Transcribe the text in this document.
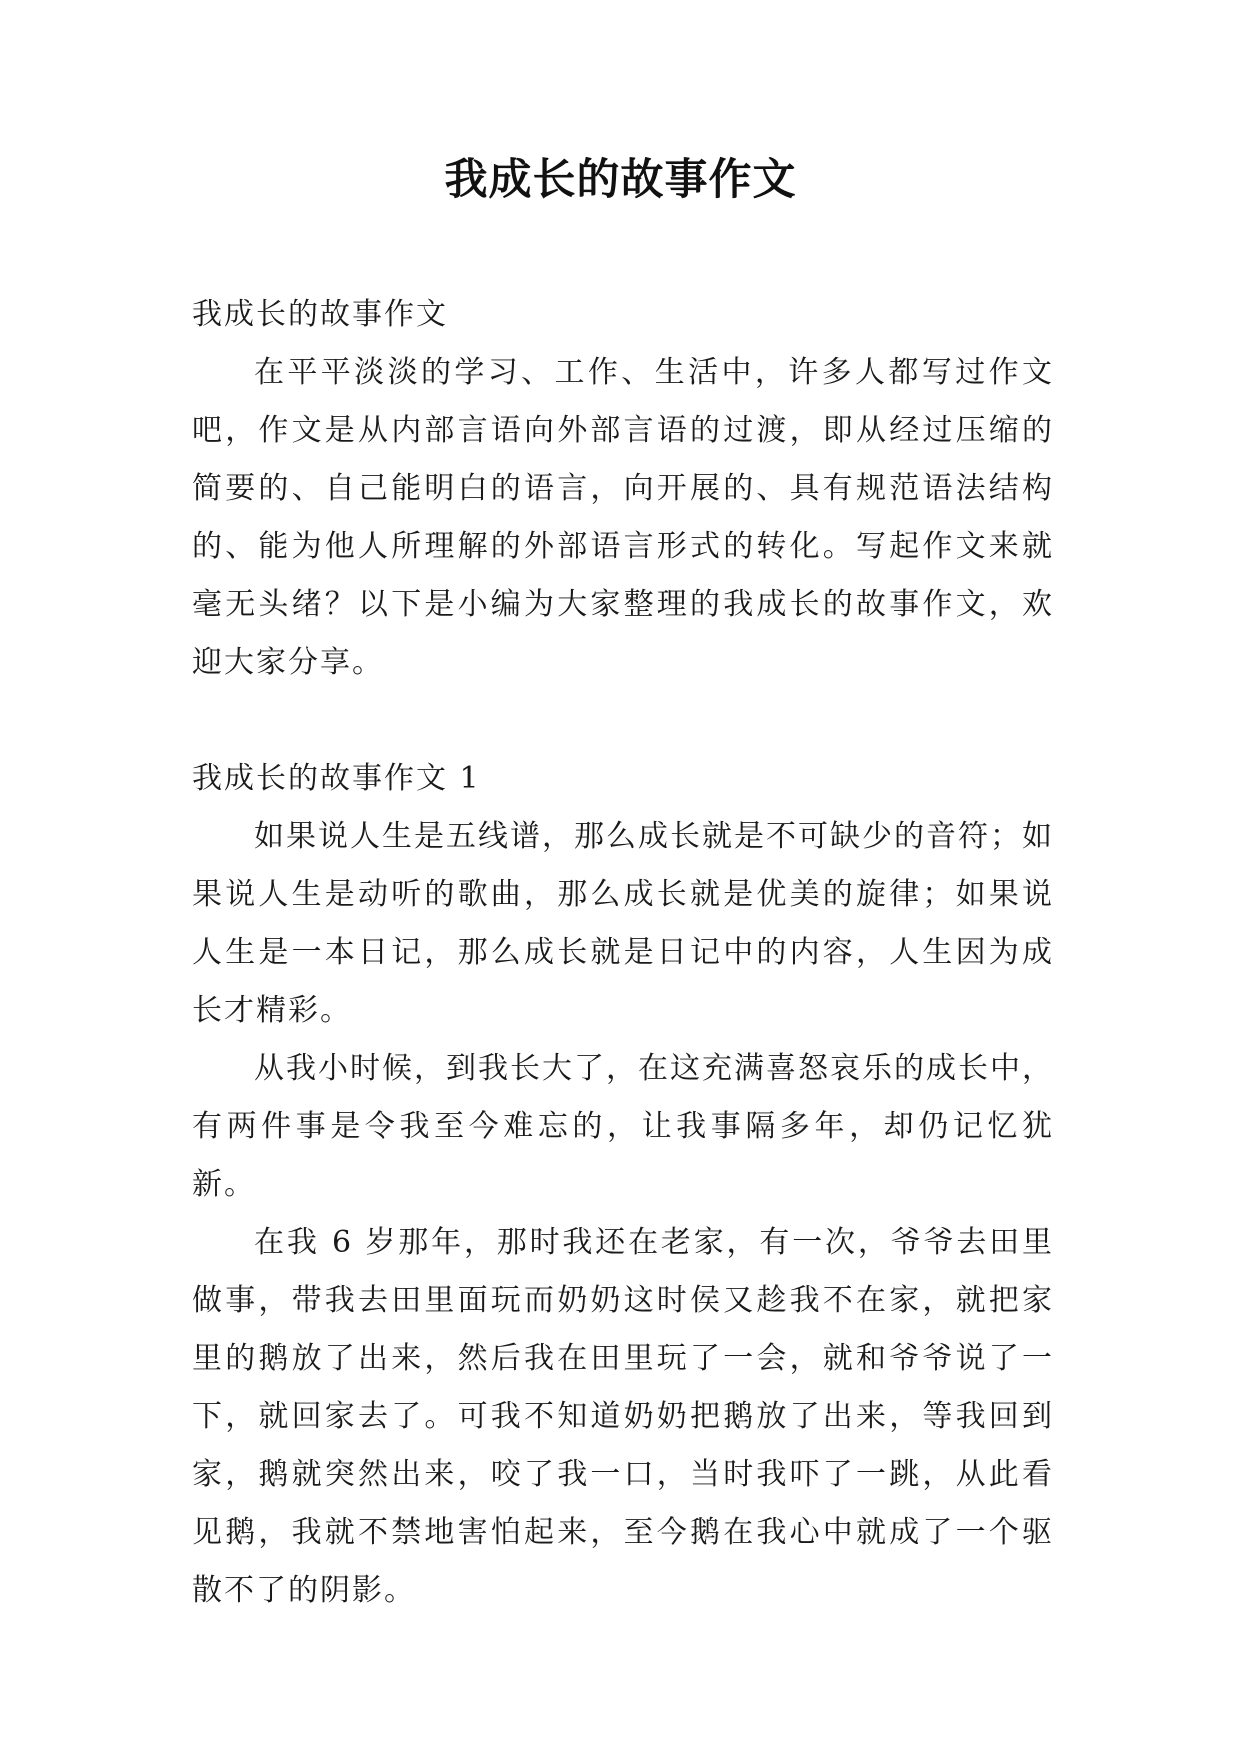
我成长的故事作文

我成长的故事作文

在平平淡淡的学习、工作、生活中，许多人都写过作文吧，作文是从内部言语向外部言语的过渡，即从经过压缩的简要的、自己能明白的语言，向开展的、具有规范语法结构的、能为他人所理解的外部语言形式的转化。写起作文来就毫无头绪？以下是小编为大家整理的我成长的故事作文，欢迎大家分享。

我成长的故事作文 1

如果说人生是五线谱，那么成长就是不可缺少的音符；如果说人生是动听的歌曲，那么成长就是优美的旋律；如果说人生是一本日记，那么成长就是日记中的内容，人生因为成长才精彩。

从我小时候，到我长大了，在这充满喜怒哀乐的成长中，有两件事是令我至今难忘的，让我事隔多年，却仍记忆犹新。

在我 6 岁那年，那时我还在老家，有一次，爷爷去田里做事，带我去田里面玩而奶奶这时侯又趁我不在家，就把家里的鹅放了出来，然后我在田里玩了一会，就和爷爷说了一下，就回家去了。可我不知道奶奶把鹅放了出来，等我回到家，鹅就突然出来，咬了我一口，当时我吓了一跳，从此看见鹅，我就不禁地害怕起来，至今鹅在我心中就成了一个驱散不了的阴影。
